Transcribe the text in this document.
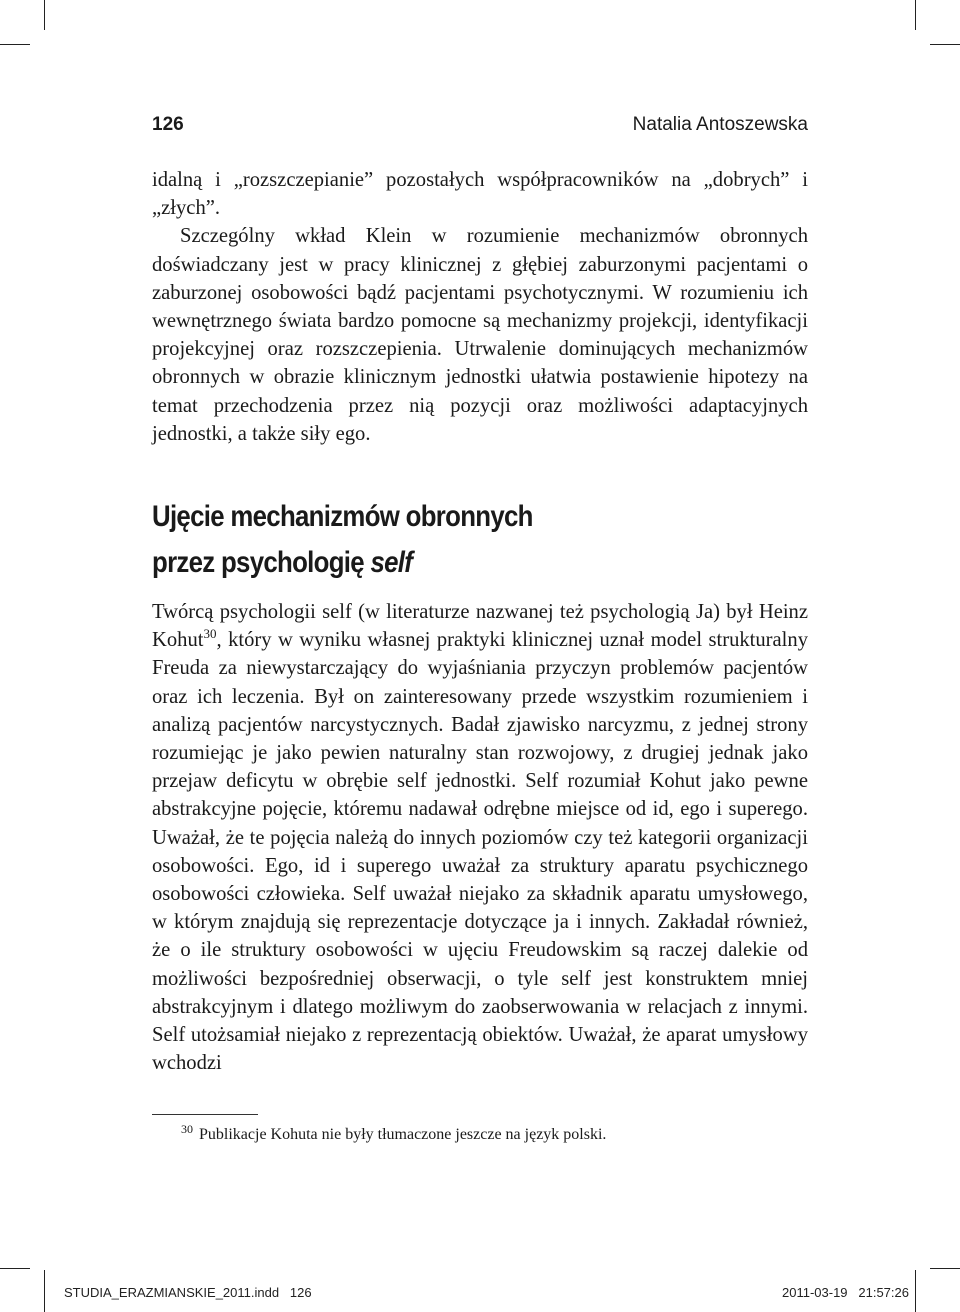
126	Natalia Antoszewska

idalną i „rozszczepianie” pozostałych współpracowników na „dobrych” i „złych”.

Szczególny wkład Klein w rozumienie mechanizmów obronnych doświadczany jest w pracy klinicznej z głębiej zaburzonymi pacjentami o zaburzonej osobowości bądź pacjentami psychotycznymi. W rozumieniu ich wewnętrznego świata bardzo pomocne są mechanizmy projekcji, identyfikacji projekcyjnej oraz rozszczepienia. Utrwalenie dominujących mechanizmów obronnych w obrazie klinicznym jednostki ułatwia postawienie hipotezy na temat przechodzenia przez nią pozycji oraz możliwości adaptacyjnych jednostki, a także siły ego.

Ujęcie mechanizmów obronnych
przez psychologię self

Twórcą psychologii self (w literaturze nazwanej też psychologią Ja) był Heinz Kohut$^{30}$, który w wyniku własnej praktyki klinicznej uznał model strukturalny Freuda za niewystarczający do wyjaśniania przyczyn problemów pacjentów oraz ich leczenia. Był on zainteresowany przede wszystkim rozumieniem i analizą pacjentów narcystycznych. Badał zjawisko narcyzmu, z jednej strony rozumiejąc je jako pewien naturalny stan rozwojowy, z drugiej jednak jako przejaw deficytu w obrębie self jednostki. Self rozumiał Kohut jako pewne abstrakcyjne pojęcie, któremu nadawał odrębne miejsce od id, ego i superego. Uważał, że te pojęcia należą do innych poziomów czy też kategorii organizacji osobowości. Ego, id i superego uważał za struktury aparatu psychicznego osobowości człowieka. Self uważał niejako za składnik aparatu umysłowego, w którym znajdują się reprezentacje dotyczące ja i innych. Zakładał również, że o ile struktury osobowości w ujęciu Freudowskim są raczej dalekie od możliwości bezpośredniej obserwacji, o tyle self jest konstruktem mniej abstrakcyjnym i dlatego możliwym do zaobserwowania w relacjach z innymi. Self utożsamiał niejako z reprezentacją obiektów. Uważał, że aparat umysłowy wchodzi

$^{30}$ Publikacje Kohuta nie były tłumaczone jeszcze na język polski.
STUDIA_ERAZMIANSKIE_2011.indd   126	2011-03-19   21:57:26
